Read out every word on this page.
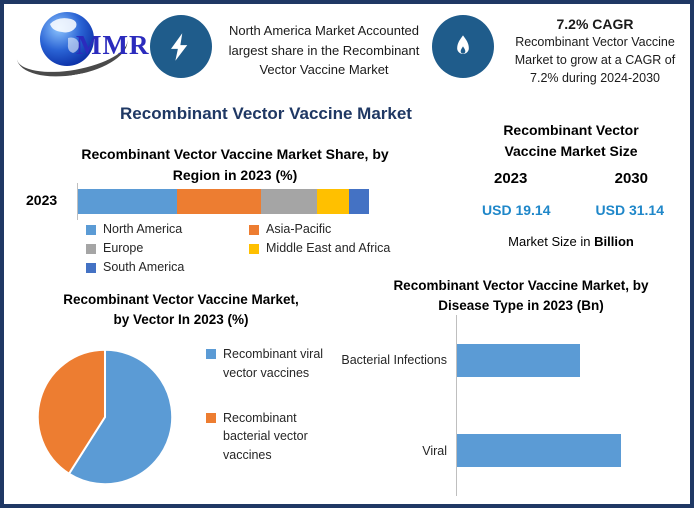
MMR	North America Market Accounted
largest share in the Recombinant
Vector Vaccine Market
7.2% CAGR
Recombinant Vector Vaccine
Market to grow at a CAGR of
7.2% during 2024-2030
Recombinant Vector Vaccine Market
Recombinant Vector Vaccine Market Share, by
Region in 2023 (%)
2023
North America	Asia-Pacific
Europe	Middle East and Africa
South America
Recombinant Vector
Vaccine Market Size
2023	2030
USD 19.14	USD 31.14
Market Size in Billion
Recombinant Vector Vaccine Market,
by Vector In 2023 (%)
Recombinant viral vector vaccines
Recombinant bacterial vector vaccines
Recombinant Vector Vaccine Market, by
Disease Type in 2023 (Bn)
Bacterial Infections
Viral
